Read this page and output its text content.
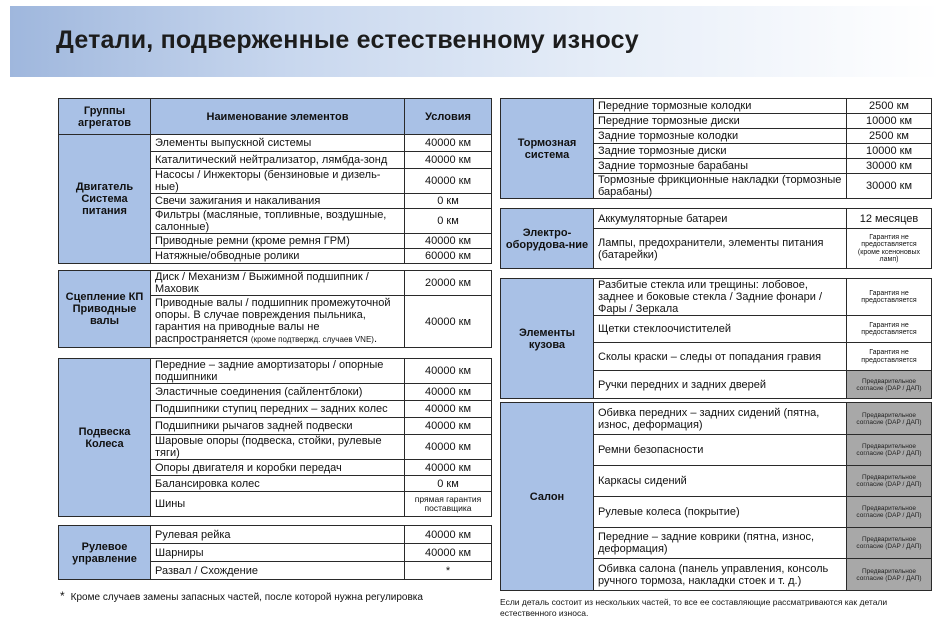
Детали, подверженные естественному износу
Группы агрегатов	Наименование элементов	Условия
Двигатель Система питания	Элементы выпускной системы	40000 км
	Каталитический нейтрализатор, лямбда-зонд	40000 км
	Насосы / Инжекторы (бензиновые и дизель-ные)	40000 км
	Свечи зажигания и накаливания	0 км
	Фильтры (масляные, топливные, воздушные, салонные)	0 км
	Приводные ремни (кроме ремня ГРМ)	40000 км
	Натяжные/обводные ролики	60000 км
Сцепление КП Приводные валы	Диск / Механизм / Выжимной подшипник / Маховик	20000 км
	Приводные валы / подшипник промежуточной опоры. В случае повреждения пыльника, гарантия на приводные валы не распространяется (кроме подтвержд. случаев VNE).	40000 км
Подвеска Колеса	Передние – задние амортизаторы / опорные подшипники	40000 км
	Эластичные соединения (сайлентблоки)	40000 км
	Подшипники ступиц передних – задних колес	40000 км
	Подшипники рычагов задней подвески	40000 км
	Шаровые опоры (подвеска, стойки, рулевые тяги)	40000 км
	Опоры двигателя и коробки передач	40000 км
	Балансировка колес	0 км
	Шины	прямая гарантия поставщика
Рулевое управление	Рулевая рейка	40000 км
	Шарниры	40000 км
	Развал / Схождение	*
Тормозная система	Передние тормозные колодки	2500 км
	Передние тормозные диски	10000 км
	Задние тормозные колодки	2500 км
	Задние тормозные диски	10000 км
	Задние тормозные барабаны	30000 км
	Тормозные фрикционные накладки (тормозные барабаны)	30000 км
Электро-оборудова-ние	Аккумуляторные батареи	12 месяцев
	Лампы, предохранители, элементы питания (батарейки)	Гарантия не предоставляется (кроме ксеноновых ламп)
Элементы кузова	Разбитые стекла или трещины: лобовое, заднее и боковые стекла / Задние фонари / Фары / Зеркала	Гарантия не предоставляется
	Щетки стеклоочистителей	Гарантия не предоставляется
	Сколы краски – следы от попадания гравия	Гарантия не предоставляется
	Ручки передних и задних дверей	Предварительное согласие (DAP / ДАП)
Салон	Обивка передних – задних сидений (пятна, износ, деформация)	Предварительное согласие (DAP / ДАП)
	Ремни безопасности	Предварительное согласие (DAP / ДАП)
	Каркасы сидений	Предварительное согласие (DAP / ДАП)
	Рулевые колеса (покрытие)	Предварительное согласие (DAP / ДАП)
	Передние – задние коврики (пятна, износ, деформация)	Предварительное согласие (DAP / ДАП)
	Обивка салона (панель управления, консоль ручного тормоза, накладки стоек и т. д.)	Предварительное согласие (DAP / ДАП)
* Кроме случаев замены запасных частей, после которой нужна регулировка	Если деталь состоит из нескольких частей, то все ее составляющие рассматриваются как детали естественного износа.
